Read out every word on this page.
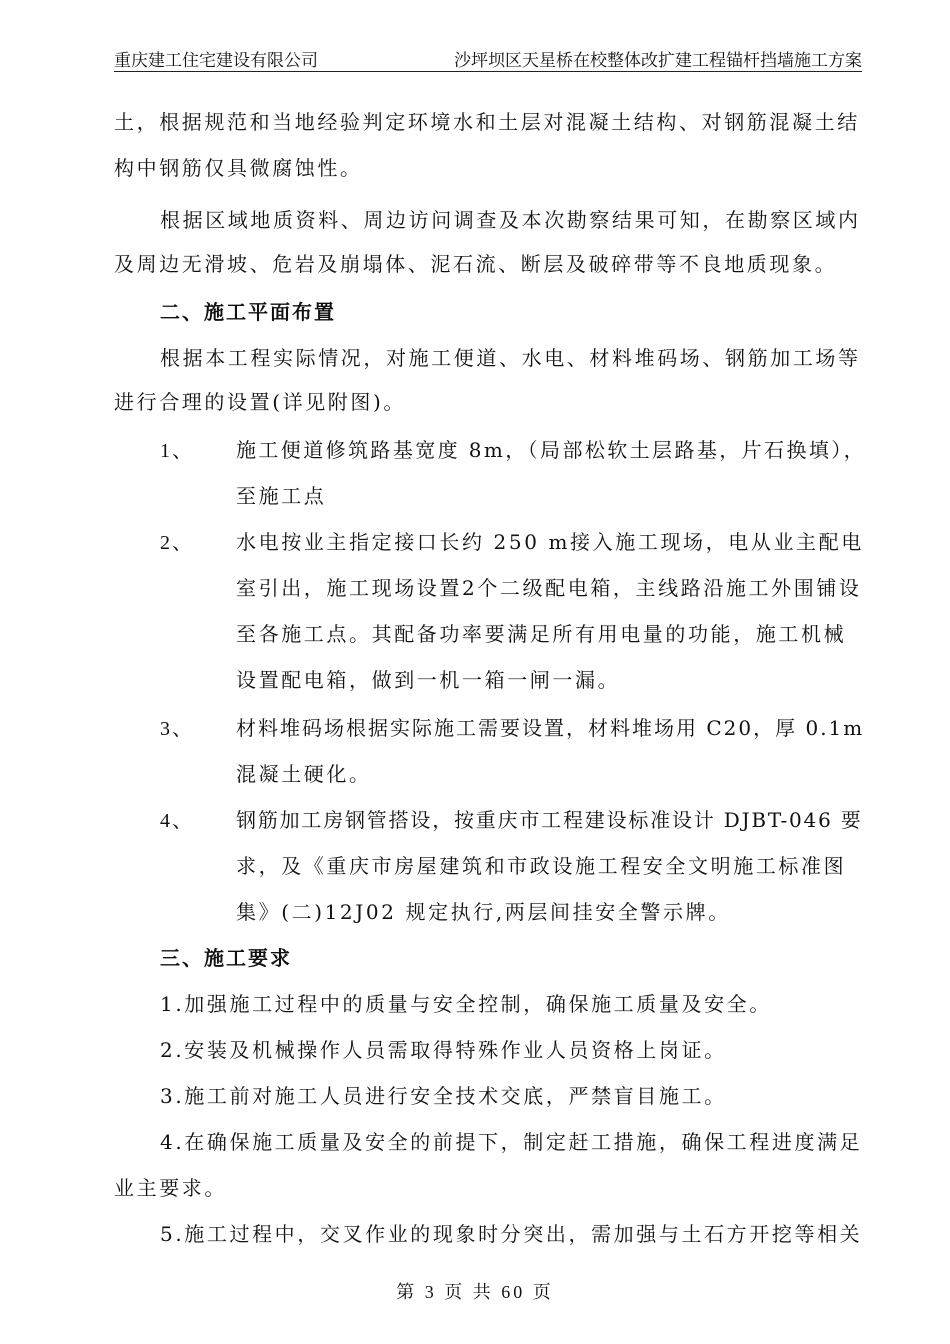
重庆建工住宅建设有限公司	沙坪坝区天星桥在校整体改扩建工程锚杆挡墙施工方案
土，根据规范和当地经验判定环境水和土层对混凝土结构、对钢筋混凝土结
构中钢筋仅具微腐蚀性。
根据区域地质资料、周边访问调查及本次勘察结果可知，在勘察区域内
及周边无滑坡、危岩及崩塌体、泥石流、断层及破碎带等不良地质现象。
二、施工平面布置
根据本工程实际情况，对施工便道、水电、材料堆码场、钢筋加工场等
进行合理的设置(详见附图)。
1、 施工便道修筑路基宽度 8m，（局部松软土层路基，片石换填），
至施工点
2、 水电按业主指定接口长约 250 m接入施工现场，电从业主配电
室引出，施工现场设置2个二级配电箱，主线路沿施工外围铺设
至各施工点。其配备功率要满足所有用电量的功能，施工机械
设置配电箱，做到一机一箱一闸一漏。
3、 材料堆码场根据实际施工需要设置，材料堆场用 C20，厚 0.1m
混凝土硬化。
4、 钢筋加工房钢管搭设，按重庆市工程建设标准设计 DJBT-046 要
求，及《重庆市房屋建筑和市政设施工程安全文明施工标准图
集》(二)12J02 规定执行,两层间挂安全警示牌。
三、施工要求
1.加强施工过程中的质量与安全控制，确保施工质量及安全。
2.安装及机械操作人员需取得特殊作业人员资格上岗证。
3.施工前对施工人员进行安全技术交底，严禁盲目施工。
4.在确保施工质量及安全的前提下，制定赶工措施，确保工程进度满足
业主要求。
5.施工过程中，交叉作业的现象时分突出，需加强与土石方开挖等相关
第 3 页 共 60 页
